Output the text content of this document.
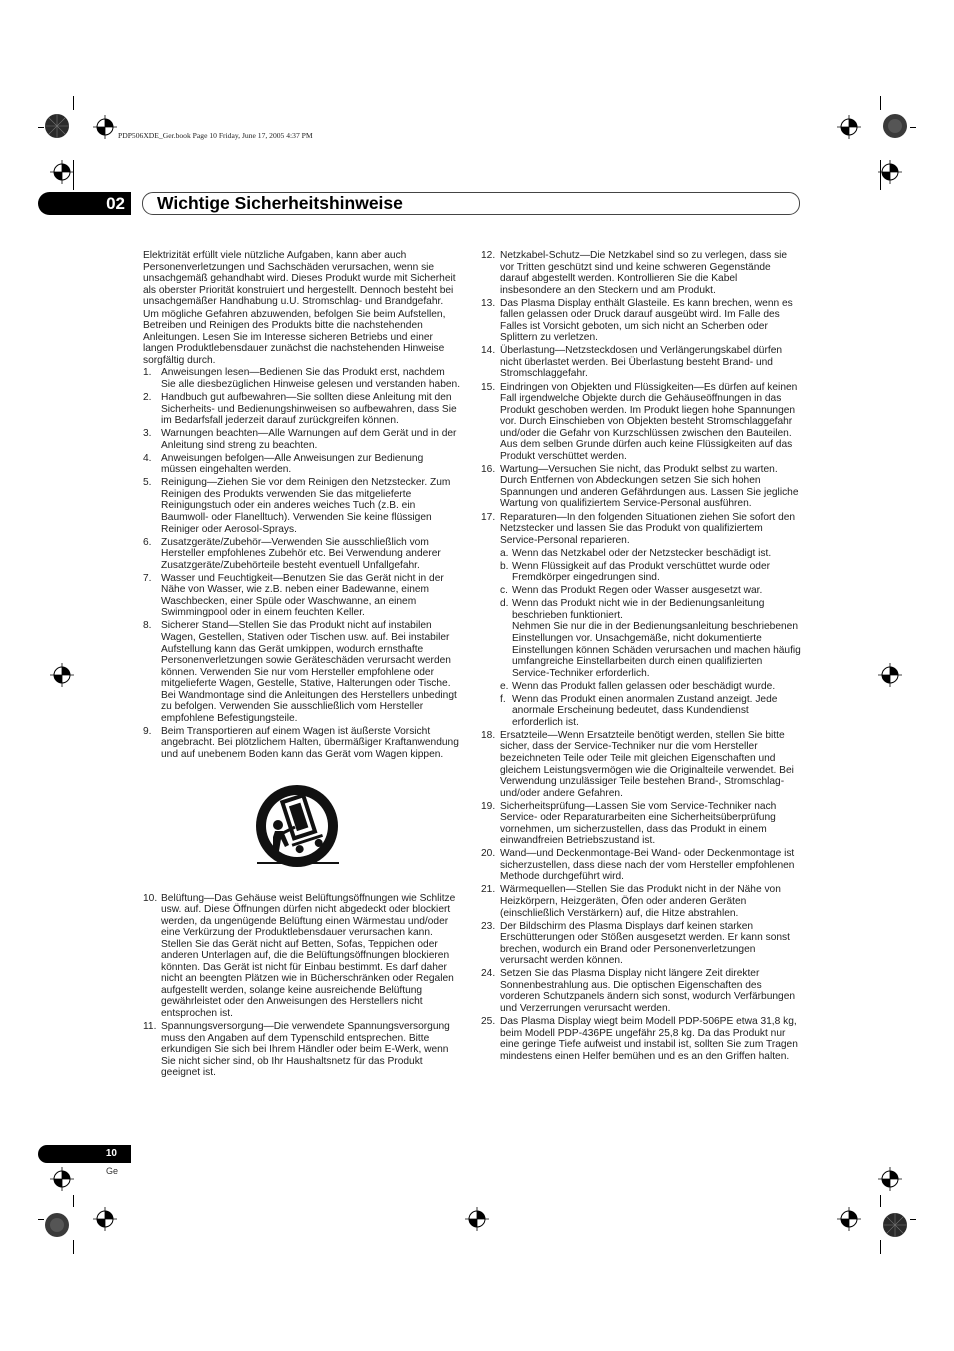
PDP506XDE_Ger.book Page 10 Friday, June 17, 2005 4:37 PM
02 Wichtige Sicherheitshinweise

Elektrizität erfüllt viele nützliche Aufgaben, kann aber auch Personenverletzungen und Sachschäden verursachen, wenn sie unsachgemäß gehandhabt wird. Dieses Produkt wurde mit Sicherheit als oberster Priorität konstruiert und hergestellt. Dennoch besteht bei unsachgemäßer Handhabung u.U. Stromschlag- und Brandgefahr.

Um mögliche Gefahren abzuwenden, befolgen Sie beim Aufstellen, Betreiben und Reinigen des Produkts bitte die nachstehenden Anleitungen. Lesen Sie im Interesse sicheren Betriebs und einer langen Produktlebensdauer zunächst die nachstehenden Hinweise sorgfältig durch.

1. Anweisungen lesen—Bedienen Sie das Produkt erst, nachdem Sie alle diesbezüglichen Hinweise gelesen und verstanden haben.
2. Handbuch gut aufbewahren—Sie sollten diese Anleitung mit den Sicherheits- und Bedienungshinweisen so aufbewahren, dass Sie im Bedarfsfall jederzeit darauf zurückgreifen können.
3. Warnungen beachten—Alle Warnungen auf dem Gerät und in der Anleitung sind streng zu beachten.
4. Anweisungen befolgen—Alle Anweisungen zur Bedienung müssen eingehalten werden.
5. Reinigung—Ziehen Sie vor dem Reinigen den Netzstecker. Zum Reinigen des Produkts verwenden Sie das mitgelieferte Reinigungstuch oder ein anderes weiches Tuch (z.B. ein Baumwoll- oder Flanelltuch). Verwenden Sie keine flüssigen Reiniger oder Aerosol-Sprays.
6. Zusatzgeräte/Zubehör—Verwenden Sie ausschließlich vom Hersteller empfohlenes Zubehör etc. Bei Verwendung anderer Zusatzgeräte/Zubehörteile besteht eventuell Unfallgefahr.
7. Wasser und Feuchtigkeit—Benutzen Sie das Gerät nicht in der Nähe von Wasser, wie z.B. neben einer Badewanne, einem Waschbecken, einer Spüle oder Waschwanne, an einem Swimmingpool oder in einem feuchten Keller.
8. Sicherer Stand—Stellen Sie das Produkt nicht auf instabilen Wagen, Gestellen, Stativen oder Tischen usw. auf. Bei instabiler Aufstellung kann das Gerät umkippen, wodurch ernsthafte Personenverletzungen sowie Geräteschäden verursacht werden können. Verwenden Sie nur vom Hersteller empfohlene oder mitgelieferte Wagen, Gestelle, Stative, Halterungen oder Tische. Bei Wandmontage sind die Anleitungen des Herstellers unbedingt zu befolgen. Verwenden Sie ausschließlich vom Hersteller empfohlene Befestigungsteile.
9. Beim Transportieren auf einem Wagen ist äußerste Vorsicht angebracht. Bei plötzlichem Halten, übermäßiger Kraftanwendung und auf unebenem Boden kann das Gerät vom Wagen kippen.
10. Belüftung—Das Gehäuse weist Belüftungsöffnungen wie Schlitze usw. auf. Diese Öffnungen dürfen nicht abgedeckt oder blockiert werden, da ungenügende Belüftung einen Wärmestau und/oder eine Verkürzung der Produktlebensdauer verursachen kann. Stellen Sie das Gerät nicht auf Betten, Sofas, Teppichen oder anderen Unterlagen auf, die die Belüftungsöffnungen blockieren könnten. Das Gerät ist nicht für Einbau bestimmt. Es darf daher nicht an beengten Plätzen wie in Bücherschränken oder Regalen aufgestellt werden, solange keine ausreichende Belüftung gewährleistet oder den Anweisungen des Herstellers nicht entsprochen ist.
11. Spannungsversorgung—Die verwendete Spannungsversorgung muss den Angaben auf dem Typenschild entsprechen. Bitte erkundigen Sie sich bei Ihrem Händler oder beim E-Werk, wenn Sie nicht sicher sind, ob Ihr Haushaltsnetz für das Produkt geeignet ist.
12. Netzkabel-Schutz—Die Netzkabel sind so zu verlegen, dass sie vor Tritten geschützt sind und keine schweren Gegenstände darauf abgestellt werden. Kontrollieren Sie die Kabel insbesondere an den Steckern und am Produkt.
13. Das Plasma Display enthält Glasteile. Es kann brechen, wenn es fallen gelassen oder Druck darauf ausgeübt wird. Im Falle des Falles ist Vorsicht geboten, um sich nicht an Scherben oder Splittern zu verletzen.
14. Überlastung—Netzsteckdosen und Verlängerungskabel dürfen nicht überlastet werden. Bei Überlastung besteht Brand- und Stromschlaggefahr.
15. Eindringen von Objekten und Flüssigkeiten—Es dürfen auf keinen Fall irgendwelche Objekte durch die Gehäuseöffnungen in das Produkt geschoben werden. Im Produkt liegen hohe Spannungen vor. Durch Einschieben von Objekten besteht Stromschlaggefahr und/oder die Gefahr von Kurzschlüssen zwischen den Bauteilen. Aus dem selben Grunde dürfen auch keine Flüssigkeiten auf das Produkt verschüttet werden.
16. Wartung—Versuchen Sie nicht, das Produkt selbst zu warten. Durch Entfernen von Abdeckungen setzen Sie sich hohen Spannungen und anderen Gefährdungen aus. Lassen Sie jegliche Wartung von qualifiziertem Service-Personal ausführen.
17. Reparaturen—In den folgenden Situationen ziehen Sie sofort den Netzstecker und lassen Sie das Produkt von qualifiziertem Service-Personal reparieren.
a. Wenn das Netzkabel oder der Netzstecker beschädigt ist.
b. Wenn Flüssigkeit auf das Produkt verschüttet wurde oder Fremdkörper eingedrungen sind.
c. Wenn das Produkt Regen oder Wasser ausgesetzt war.
d. Wenn das Produkt nicht wie in der Bedienungsanleitung beschrieben funktioniert.
Nehmen Sie nur die in der Bedienungsanleitung beschriebenen Einstellungen vor. Unsachgemäße, nicht dokumentierte Einstellungen können Schäden verursachen und machen häufig umfangreiche Einstellarbeiten durch einen qualifizierten Service-Techniker erforderlich.
e. Wenn das Produkt fallen gelassen oder beschädigt wurde.
f. Wenn das Produkt einen anormalen Zustand anzeigt. Jede anormale Erscheinung bedeutet, dass Kundendienst erforderlich ist.
18. Ersatzteile—Wenn Ersatzteile benötigt werden, stellen Sie bitte sicher, dass der Service-Techniker nur die vom Hersteller bezeichneten Teile oder Teile mit gleichen Eigenschaften und gleichem Leistungsvermögen wie die Originalteile verwendet. Bei Verwendung unzulässiger Teile bestehen Brand-, Stromschlag- und/oder andere Gefahren.
19. Sicherheitsprüfung—Lassen Sie vom Service-Techniker nach Service- oder Reparaturarbeiten eine Sicherheitsüberprüfung vornehmen, um sicherzustellen, dass das Produkt in einem einwandfreien Betriebszustand ist.
20. Wand—und Deckenmontage-Bei Wand- oder Deckenmontage ist sicherzustellen, dass diese nach der vom Hersteller empfohlenen Methode durchgeführt wird.
21. Wärmequellen—Stellen Sie das Produkt nicht in der Nähe von Heizkörpern, Heizgeräten, Öfen oder anderen Geräten (einschließlich Verstärkern) auf, die Hitze abstrahlen.
23. Der Bildschirm des Plasma Displays darf keinen starken Erschütterungen oder Stößen ausgesetzt werden. Er kann sonst brechen, wodurch ein Brand oder Personenverletzungen verursacht werden können.
24. Setzen Sie das Plasma Display nicht längere Zeit direkter Sonnenbestrahlung aus. Die optischen Eigenschaften des vorderen Schutzpanels ändern sich sonst, wodurch Verfärbungen und Verzerrungen verursacht werden.
25. Das Plasma Display wiegt beim Modell PDP-506PE etwa 31,8 kg, beim Modell PDP-436PE ungefähr 25,8 kg. Da das Produkt nur eine geringe Tiefe aufweist und instabil ist, sollten Sie zum Tragen mindestens einen Helfer bemühen und es an den Griffen halten.
10
Ge
